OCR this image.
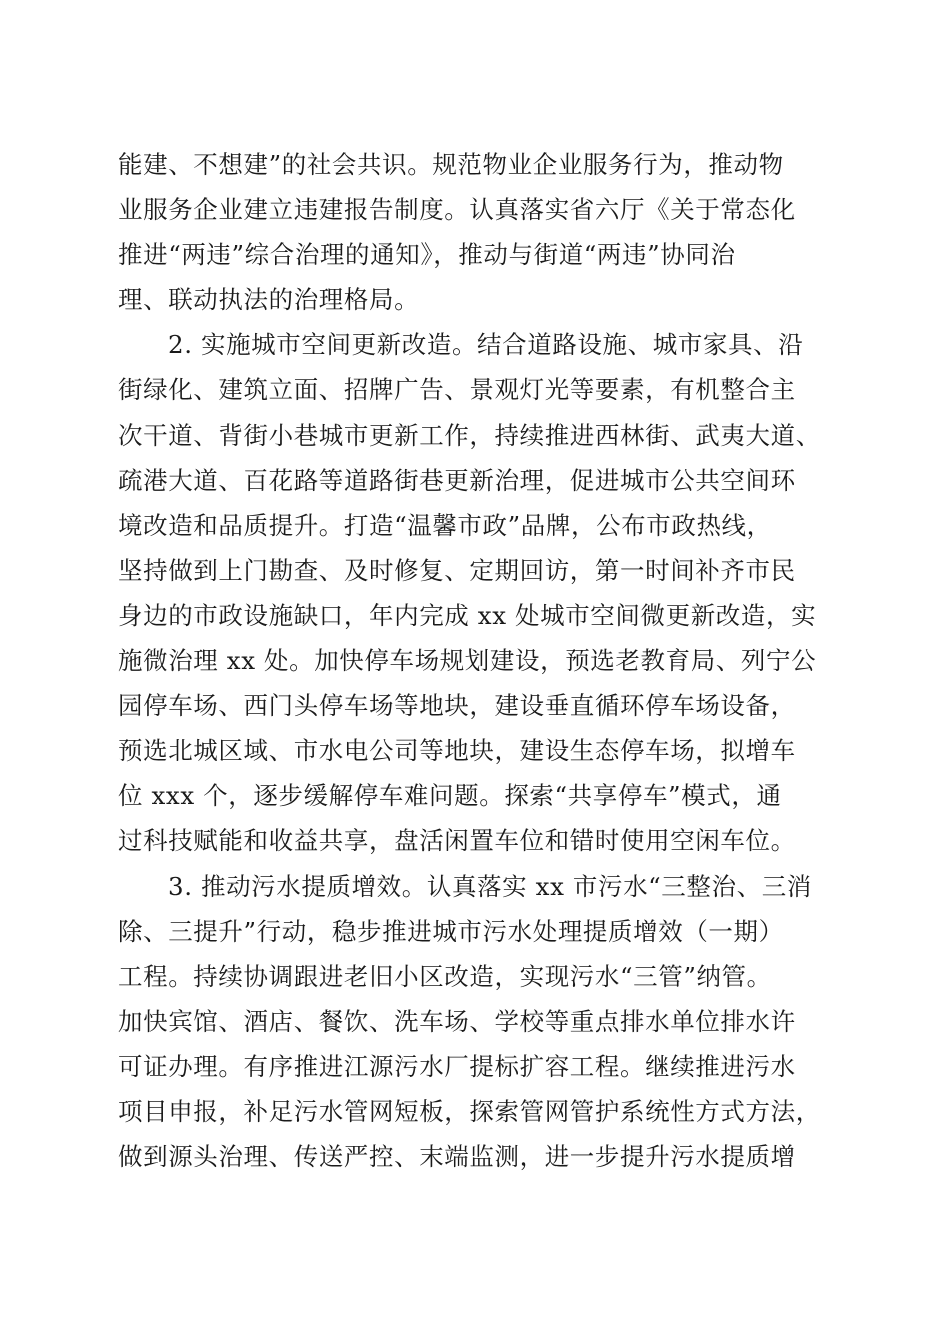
能建、不想建”的社会共识。规范物业企业服务行为，推动物
业服务企业建立违建报告制度。认真落实省六厅《关于常态化
推进“两违”综合治理的通知》，推动与街道“两违”协同治
理、联动执法的治理格局。
2. 实施城市空间更新改造。结合道路设施、城市家具、沿
街绿化、建筑立面、招牌广告、景观灯光等要素，有机整合主
次干道、背街小巷城市更新工作，持续推进西林街、武夷大道、
疏港大道、百花路等道路街巷更新治理，促进城市公共空间环
境改造和品质提升。打造“温馨市政”品牌，公布市政热线，
坚持做到上门勘查、及时修复、定期回访，第一时间补齐市民
身边的市政设施缺口，年内完成 xx 处城市空间微更新改造，实
施微治理 xx 处。加快停车场规划建设，预选老教育局、列宁公
园停车场、西门头停车场等地块，建设垂直循环停车场设备，
预选北城区域、市水电公司等地块，建设生态停车场，拟增车
位 xxx 个，逐步缓解停车难问题。探索“共享停车”模式，通
过科技赋能和收益共享，盘活闲置车位和错时使用空闲车位。
3. 推动污水提质增效。认真落实 xx 市污水“三整治、三消
除、三提升”行动，稳步推进城市污水处理提质增效（一期）
工程。持续协调跟进老旧小区改造，实现污水“三管”纳管。
加快宾馆、酒店、餐饮、洗车场、学校等重点排水单位排水许
可证办理。有序推进江源污水厂提标扩容工程。继续推进污水
项目申报，补足污水管网短板，探索管网管护系统性方式方法，
做到源头治理、传送严控、末端监测，进一步提升污水提质增
